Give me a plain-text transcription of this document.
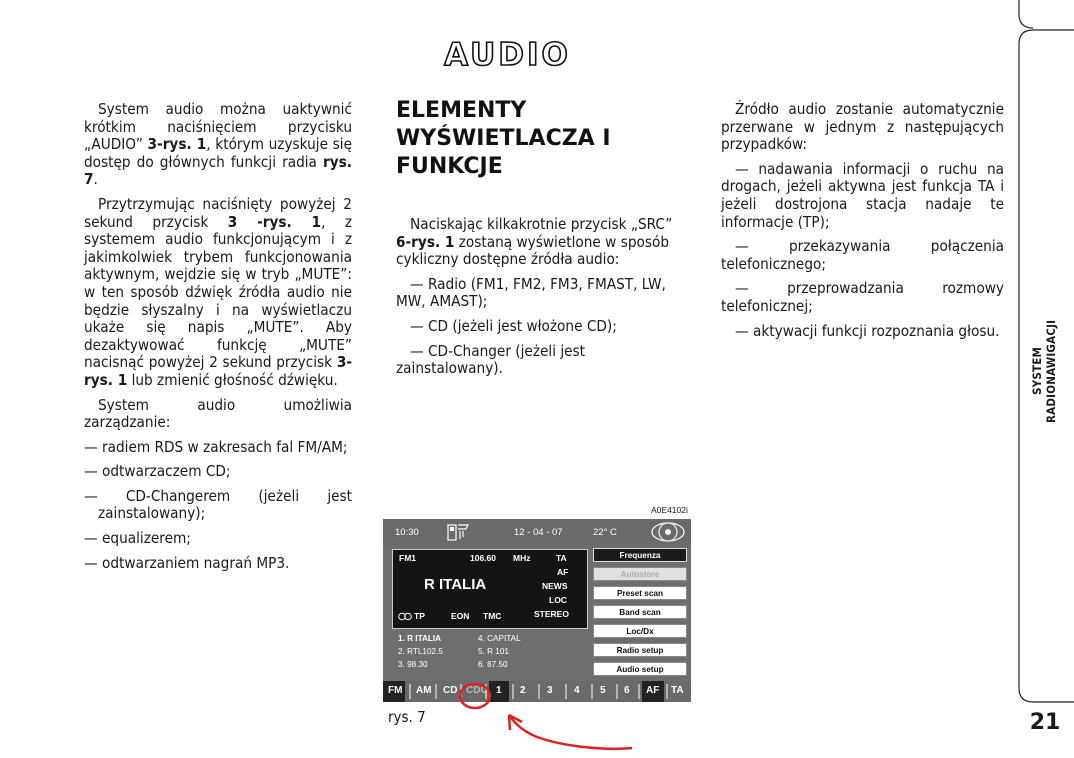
AUDIO

System audio można uaktywnić krótkim naciśnięciem przycisku „AUDIO” 3-rys. 1, którym uzyskuje się dostęp do głównych funkcji radia rys. 7.

Przytrzymując naciśnięty powyżej 2 sekund przycisk 3 -rys. 1, z systemem audio funkcjonującym i z jakimkolwiek trybem funkcjonowania aktywnym, wejdzie się w tryb „MUTE”: w ten sposób dźwięk źródła audio nie będzie słyszalny i na wyświetlaczu ukaże się napis „MUTE”. Aby dezaktywować funkcję „MUTE” nacisnąć powyżej 2 sekund przycisk 3-rys. 1 lub zmienić głośność dźwięku.

System audio umożliwia zarządzanie:

— radiem RDS w zakresach fal FM/AM;

— odtwarzaczem CD;

— CD-Changerem (jeżeli jest zainstalowany);

— equalizerem;

— odtwarzaniem nagrań MP3.

ELEMENTY
WYŚWIETLACZA I
FUNKCJE

Naciskając kilkakrotnie przycisk „SRC” 6-rys. 1 zostaną wyświetlone w sposób cykliczny dostępne źródła audio:

— Radio (FM1, FM2, FM3, FMAST, LW, MW, AMAST);

— CD (jeżeli jest włożone CD);

— CD-Changer (jeżeli jest zainstalowany).

Źródło audio zostanie automatycznie przerwane w jednym z następujących przypadków:

— nadawania informacji o ruchu na drogach, jeżeli aktywna jest funkcja TA i jeżeli dostrojona stacja nadaje te informacje (TP);

— przekazywania połączenia telefonicznego;

— przeprowadzania rozmowy telefonicznej;

— aktywacji funkcji rozpoznania głosu.

SYSTEM RADIONAWIGACJI
21
A0E4102i
10:30	12 - 04 - 07	22° C
FM1	106.60 MHz	TA
AF
NEWS
LOC
STEREO
R ITALIA
TP	EON TMC
1. R ITALIA
2. RTL102.5
3. 98.30
4. CAPITAL
5. R 101
6. 87.50
Frequenza
Autostore
Preset scan
Band scan
Loc/Dx
Radio setup
Audio setup
FM AM CD CDC 1 2 3 4 5 6 AF TA
rys. 7
